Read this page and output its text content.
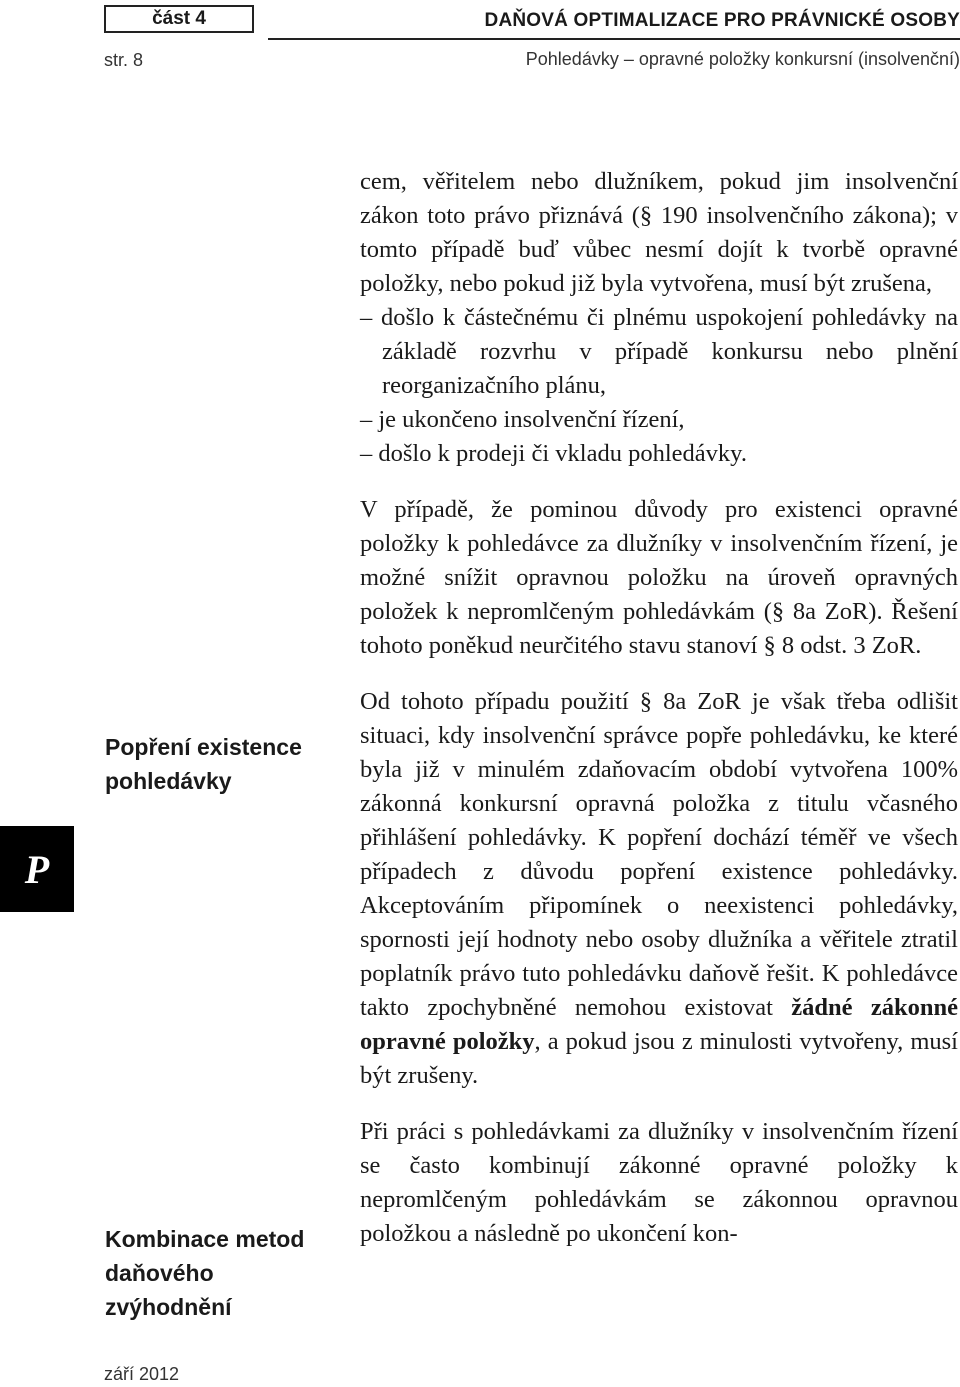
část 4
str. 8
DAŇOVÁ OPTIMALIZACE PRO PRÁVNICKÉ OSOBY
Pohledávky – opravné položky konkursní (insolvenční)
P
Popření existence pohledávky
Kombinace metod daňového zvýhodnění
září 2012

cem, věřitelem nebo dlužníkem, pokud jim insolvenční zákon toto právo přiznává (§ 190 insolvenčního zákona); v tomto případě buď vůbec nesmí dojít k tvorbě opravné položky, nebo pokud již byla vytvořena, musí být zrušena,

– došlo k částečnému či plnému uspokojení pohledávky na základě rozvrhu v případě konkursu nebo plnění reorganizačního plánu,
– je ukončeno insolvenční řízení,
– došlo k prodeji či vkladu pohledávky.

V případě, že pominou důvody pro existenci opravné položky k pohledávce za dlužníky v insolvenčním řízení, je možné snížit opravnou položku na úroveň opravných položek k nepromlčeným pohledávkám (§ 8a ZoR). Řešení tohoto poněkud neurčitého stavu stanoví § 8 odst. 3 ZoR.

Od tohoto případu použití § 8a ZoR je však třeba odlišit situaci, kdy insolvenční správce popře pohledávku, ke které byla již v minulém zdaňovacím období vytvořena 100% zákonná konkursní opravná položka z titulu včasného přihlášení pohledávky. K popření dochází téměř ve všech případech z důvodu popření existence pohledávky. Akceptováním připomínek o neexistenci pohledávky, spornosti její hodnoty nebo osoby dlužníka a věřitele ztratil poplatník právo tuto pohledávku daňově řešit. K pohledávce takto zpochybněné nemohou existovat žádné zákonné opravné položky, a pokud jsou z minulosti vytvořeny, musí být zrušeny.

Při práci s pohledávkami za dlužníky v insolvenčním řízení se často kombinují zákonné opravné položky k nepromlčeným pohledávkám se zákonnou opravnou položkou a následně po ukončení kon-
